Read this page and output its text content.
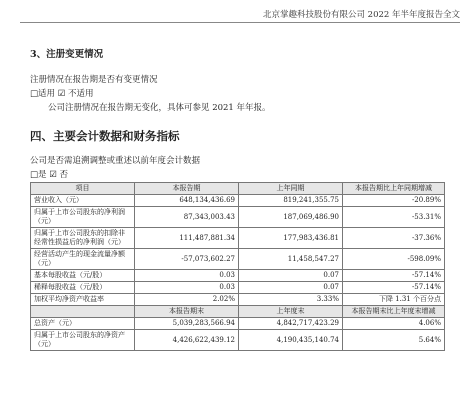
北京掌趣科技股份有限公司 2022 年半年度报告全文
3、注册变更情况
注册情况在报告期是否有变更情况
□适用 ☑ 不适用
公司注册情况在报告期无变化，具体可参见 2021 年年报。
四、主要会计数据和财务指标
公司是否需追溯调整或重述以前年度会计数据
□是 ☑ 否
项目	本报告期	上年同期	本报告期比上年同期增减
营业收入（元）	648,134,436.69	819,241,355.75	-20.89%
归属于上市公司股东的净利润（元）	87,343,003.43	187,069,486.90	-53.31%
归属于上市公司股东的扣除非经常性损益后的净利润（元）	111,487,881.34	177,983,436.81	-37.36%
经营活动产生的现金流量净额（元）	-57,073,602.27	11,458,547.27	-598.09%
基本每股收益（元/股）	0.03	0.07	-57.14%
稀释每股收益（元/股）	0.03	0.07	-57.14%
加权平均净资产收益率	2.02%	3.33%	下降 1.31 个百分点
	本报告期末	上年度末	本报告期末比上年度末增减
总资产（元）	5,039,283,566.94	4,842,717,423.29	4.06%
归属于上市公司股东的净资产（元）	4,426,622,439.12	4,190,435,140.74	5.64%
